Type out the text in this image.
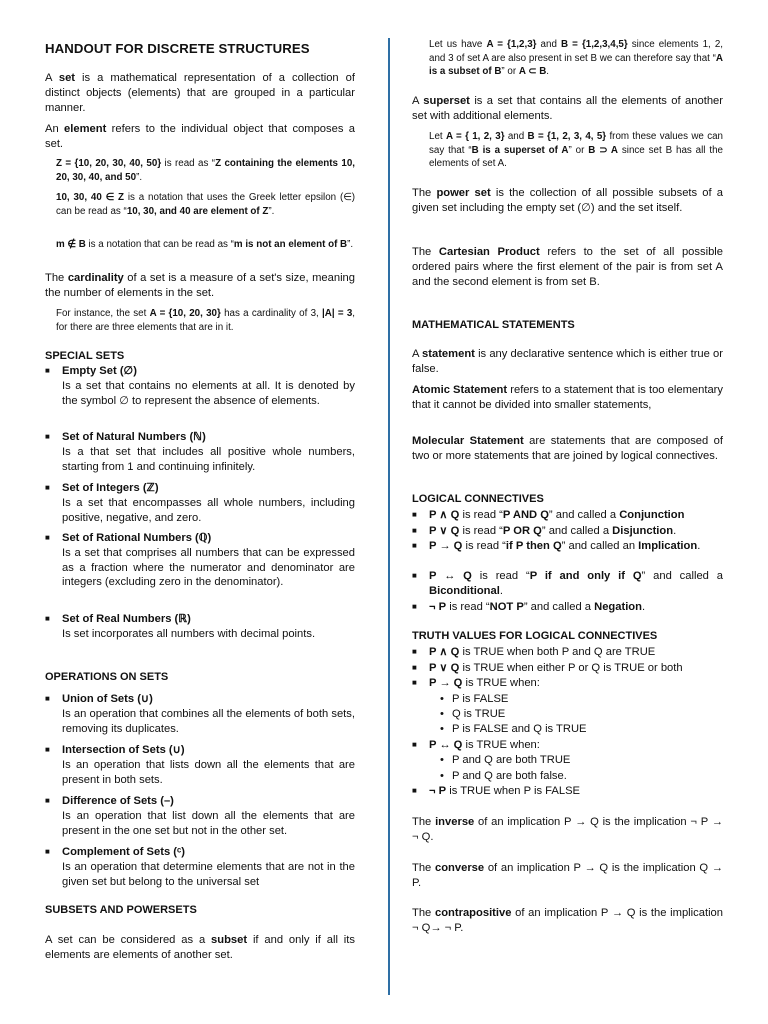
HANDOUT FOR DISCRETE STRUCTURES

A set is a mathematical representation of a collection of distinct objects (elements) that are grouped in a particular manner.

An element refers to the individual object that composes a set.

Z = {10, 20, 30, 40, 50} is read as “Z containing the elements 10, 20, 30, 40, and 50”.

10, 30, 40 ∈ Z is a notation that uses the Greek letter epsilon (∈) can be read as “10, 30, and 40 are element of Z”.

m ∉ B is a notation that can be read as “m is not an element of B”.

The cardinality of a set is a measure of a set's size, meaning the number of elements in the set.

For instance, the set A = {10, 20, 30} has a cardinality of 3, |A| = 3, for there are three elements that are in it.

SPECIAL SETS
■ Empty Set (∅)
Is a set that contains no elements at all. It is denoted by the symbol ∅ to represent the absence of elements.
■ Set of Natural Numbers (ℕ)
Is a that set that includes all positive whole numbers, starting from 1 and continuing infinitely.
■ Set of Integers (ℤ)
Is a set that encompasses all whole numbers, including positive, negative, and zero.
■ Set of Rational Numbers (ℚ)
Is a set that comprises all numbers that can be expressed as a fraction where the numerator and denominator are integers (excluding zero in the denominator).
■ Set of Real Numbers (ℝ)
Is set incorporates all numbers with decimal points.
OPERATIONS ON SETS
■ Union of Sets (∪)
Is an operation that combines all the elements of both sets, removing its duplicates.
■ Intersection of Sets (∪)
Is an operation that lists down all the elements that are present in both sets.
■ Difference of Sets (–)
Is an operation that list down all the elements that are present in the one set but not in the other set.
■ Complement of Sets (ᶜ)
Is an operation that determine elements that are not in the given set but belong to the universal set
SUBSETS AND POWERSETS

A set can be considered as a subset if and only if all its elements are elements of another set.

Let us have A = {1,2,3} and B = {1,2,3,4,5} since elements 1, 2, and 3 of set A are also present in set B we can therefore say that “A is a subset of B” or A ⊂ B.

A superset is a set that contains all the elements of another set with additional elements.

Let A = { 1, 2, 3} and B = {1, 2, 3, 4, 5} from these values we can say that “B is a superset of A” or B ⊃ A since set B has all the elements of set A.

The power set is the collection of all possible subsets of a given set including the empty set (∅) and the set itself.

The Cartesian Product refers to the set of all possible ordered pairs where the first element of the pair is from set A and the second element is from set B.

MATHEMATICAL STATEMENTS

A statement is any declarative sentence which is either true or false.

Atomic Statement refers to a statement that is too elementary that it cannot be divided into smaller statements,

Molecular Statement are statements that are composed of two or more statements that are joined by logical connectives.

LOGICAL CONNECTIVES
■ P ∧ Q is read “P AND Q” and called a Conjunction
■ P ∨ Q is read “P OR Q” and called a Disjunction.
■ P → Q is read “if P then Q” and called an Implication.
■ P ↔ Q is read “P if and only if Q” and called a Biconditional.
■ ¬ P is read “NOT P” and called a Negation.
TRUTH VALUES FOR LOGICAL CONNECTIVES
■ P ∧ Q is TRUE when both P and Q are TRUE
■ P ∨ Q is TRUE when either P or Q is TRUE or both
■ P → Q is TRUE when:
• P is FALSE
• Q is TRUE
• P is FALSE and Q is TRUE
■ P ↔ Q is TRUE when:
• P and Q are both TRUE
• P and Q are both false.
■ ¬ P is TRUE when P is FALSE

The inverse of an implication P → Q is the implication ¬ P → ¬ Q.

The converse of an implication P → Q is the implication Q → P.

The contrapositive of an implication P → Q is the implication ¬ Q→ ¬ P.
